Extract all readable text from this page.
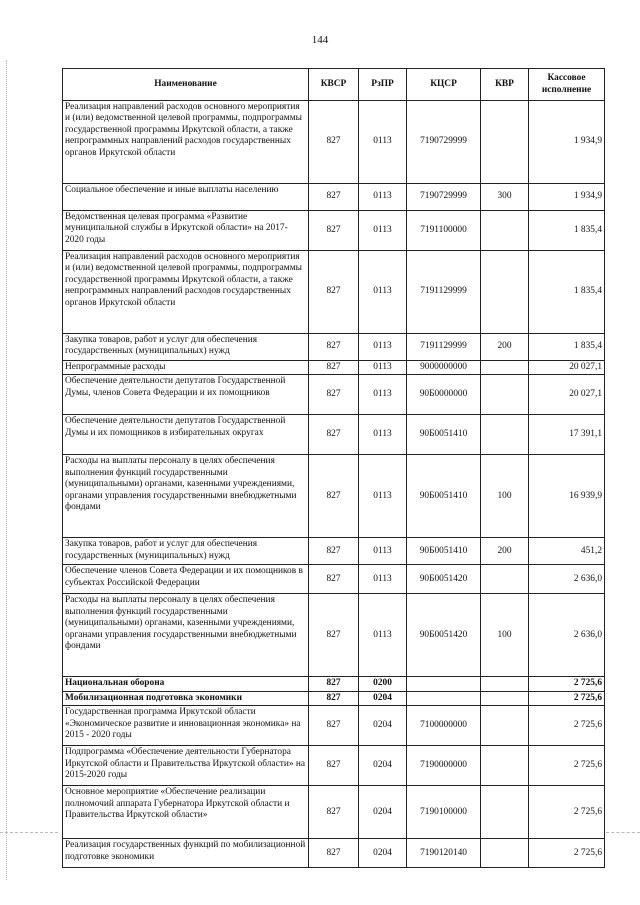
144
Наименование	КВСР	РзПР	КЦСР	КВР	Кассовое исполнение
Реализация направлений расходов основного мероприятия и (или) ведомственной целевой программы, подпрограммы государственной программы Иркутской области, а также непрограммных направлений расходов государственных органов Иркутской области	827	0113	7190729999		1 934,9
Социальное обеспечение и иные выплаты населению	827	0113	7190729999	300	1 934,9
Ведомственная целевая программа «Развитие муниципальной службы в Иркутской области» на 2017-2020 годы	827	0113	7191100000		1 835,4
Реализация направлений расходов основного мероприятия и (или) ведомственной целевой программы, подпрограммы государственной программы Иркутской области, а также непрограммных направлений расходов государственных органов Иркутской области	827	0113	7191129999		1 835,4
Закупка товаров, работ и услуг для обеспечения государственных (муниципальных) нужд	827	0113	7191129999	200	1 835,4
Непрограммные расходы	827	0113	9000000000		20 027,1
Обеспечение деятельности депутатов Государственной Думы, членов Совета Федерации и их помощников	827	0113	90Б0000000		20 027,1
Обеспечение деятельности депутатов Государственной Думы и их помощников в избирательных округах	827	0113	90Б0051410		17 391,1
Расходы на выплаты персоналу в целях обеспечения выполнения функций государственными (муниципальными) органами, казенными учреждениями, органами управления государственными внебюджетными фондами	827	0113	90Б0051410	100	16 939,9
Закупка товаров, работ и услуг для обеспечения государственных (муниципальных) нужд	827	0113	90Б0051410	200	451,2
Обеспечение членов Совета Федерации и их помощников в субъектах Российской Федерации	827	0113	90Б0051420		2 636,0
Расходы на выплаты персоналу в целях обеспечения выполнения функций государственными (муниципальными) органами, казенными учреждениями, органами управления государственными внебюджетными фондами	827	0113	90Б0051420	100	2 636,0
Национальная оборона	827	0200			2 725,6
Мобилизационная подготовка экономики	827	0204			2 725,6
Государственная программа Иркутской области «Экономическое развитие и инновационная экономика» на 2015 - 2020 годы	827	0204	7100000000		2 725,6
Подпрограмма «Обеспечение деятельности Губернатора Иркутской области и Правительства Иркутской области» на 2015-2020 годы	827	0204	7190000000		2 725,6
Основное мероприятие «Обеспечение реализации полномочий аппарата Губернатора Иркутской области и Правительства Иркутской области»	827	0204	7190100000		2 725,6
Реализация государственных функций по мобилизационной подготовке экономики	827	0204	7190120140		2 725,6
